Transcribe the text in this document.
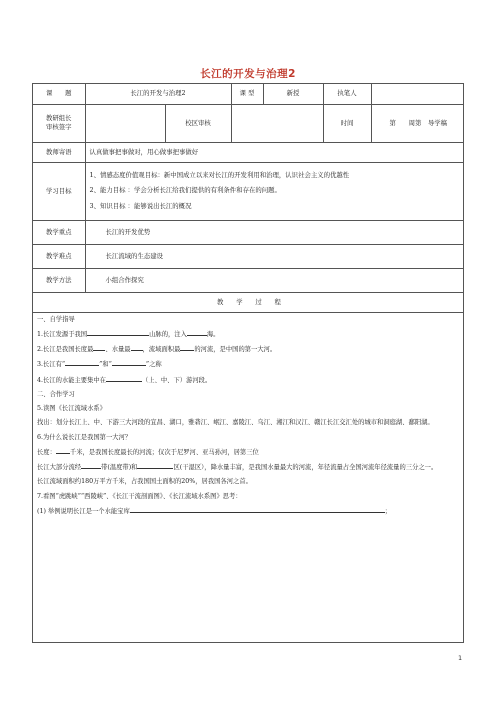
长江的开发与治理2
课　　题	长江的开发与治理2		课 型	新授	执笔人	

教研组长
审核签字		校区审核			时间	第　　周第　导学稿
教师寄语	认真做事把事做对，用心做事把事做好					
学习目标	1、情感态度价值观目标：新中国成立以来对长江的开发利用和治理，认识社会主义的优越性
2、能力目标 ：学会分析长江给我们提供的有利条件和存在的问题。
3、知识目标 ：能够说出长江的概况					

教学重点	长江的开发优势					
教学难点	长江流域的生态建设					
教学方法	小组合作探究					
教　　学　　过　　程						

一、自学指导

1.长江发源于我国	山脉的，注入	海。

2.长江是我国长度最 、水量最 ，流域面积最 的河流，是中国的第一大河。

3.长江有“	”和“	”之称

4.长江的水能主要集中在	（上、中、下）游河段。

二、合作学习

5.读图《长江流域水系》

找出：划分长江上、中、下游三大河段的宜昌、湖口，雅砻江、岷江、嘉陵江、乌江、湘江和汉江、赣江长江交汇处的城市和洞庭湖、鄱阳湖。

6.为什么说长江是我国第一大河？

长度： 千米，是我国长度最长的河流；仅次于尼罗河、亚马孙河，居第三位

长江大部分流经	带(温度带)和	区(干湿区），降水量丰富，是我国水量最大的河流，年径流量占全国河流年径流量的三分之一。

长江流域面积约180万平方千米，占我国国土面积的20%，居我国各河之首。

7.看图“虎跳峡”“西陵峡”、《长江干流剖面图》、《长江流域水系图》思考：

(1) 举例说明长江是一个水能宝库	；

1
